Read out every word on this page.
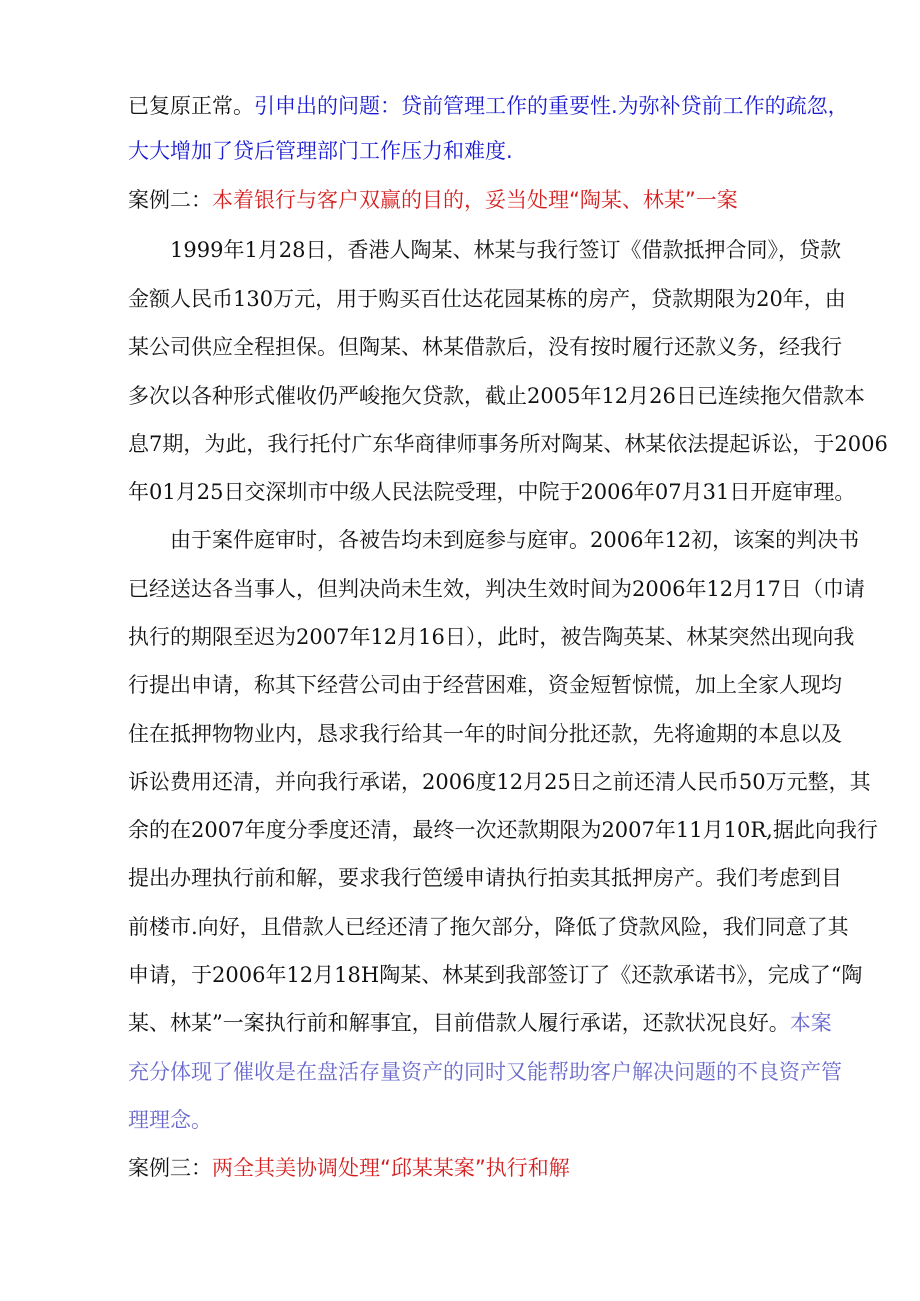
已复原正常。引申出的问题：贷前管理工作的重要性.为弥补贷前工作的疏忽，
大大增加了贷后管理部门工作压力和难度.
案例二：本着银行与客户双赢的目的，妥当处理“陶某、林某”一案
1999年1月28日，香港人陶某、林某与我行签订《借款抵押合同》，贷款
金额人民币130万元，用于购买百仕达花园某栋的房产，贷款期限为20年，由
某公司供应全程担保。但陶某、林某借款后，没有按时履行还款义务，经我行
多次以各种形式催收仍严峻拖欠贷款，截止2005年12月26日已连续拖欠借款本
息7期，为此，我行托付广东华商律师事务所对陶某、林某依法提起诉讼，于2006
年01月25日交深圳市中级人民法院受理，中院于2006年07月31日开庭审理。
由于案件庭审时，各被告均未到庭参与庭审。2006年12初，该案的判决书
已经送达各当事人，但判决尚未生效，判决生效时间为2006年12月17日（巾请
执行的期限至迟为2007年12月16日），此时，被告陶英某、林某突然出现向我
行提出申请，称其下经营公司由于经营困难，资金短暂惊慌，加上全家人现均
住在抵押物物业内，恳求我行给其一年的时间分批还款，先将逾期的本息以及
诉讼费用还清，并向我行承诺，2006度12月25日之前还清人民币50万元整，其
余的在2007年度分季度还清，最终一次还款期限为2007年11月10R,据此向我行
提出办理执行前和解，要求我行笆缓申请执行拍卖其抵押房产。我们考虑到目
前楼市.向好，且借款人已经还清了拖欠部分，降低了贷款风险，我们同意了其
申请，于2006年12月18H陶某、林某到我部签订了《还款承诺书》，完成了“陶
某、林某”一案执行前和解事宜，目前借款人履行承诺，还款状况良好。本案
充分体现了催收是在盘活存量资产的同时又能帮助客户解决问题的不良资产管
理理念。
案例三：两全其美协调处理“邱某某案”执行和解
